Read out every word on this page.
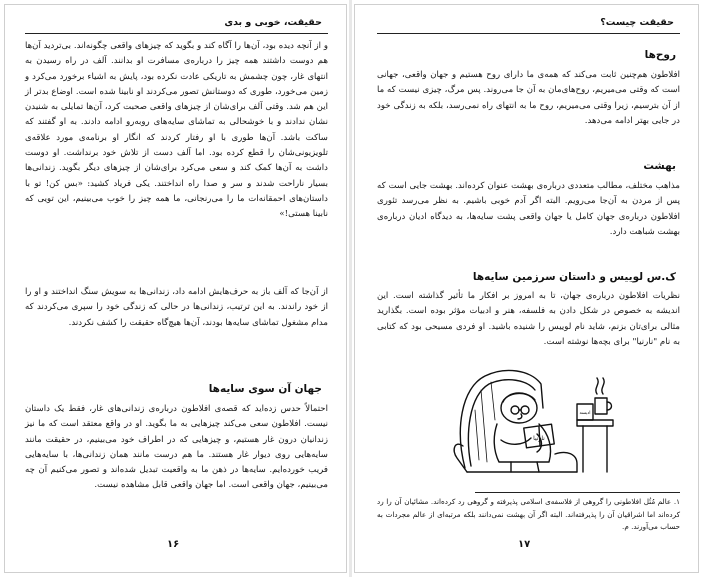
حقیقت، خوبی و بدی

و از آنچه دیده بود، آن‌ها را آگاه کند و بگوید که چیزهای واقعی چگونه‌اند. بی‌تردید آن‌ها هم دوست داشتند همه چیز را درباره‌ی مسافرت او بدانند. آلف در راه رسیدن به انتهای غار، چون چشمش به تاریکی عادت نکرده بود، پایش به اشیاء برخورد می‌کرد و زمین می‌خورد، طوری که دوستانش تصور می‌کردند او نابینا شده است. اوضاع بدتر از این هم شد. وقتی آلف برای‌شان از چیزهای واقعی صحبت کرد، آن‌ها تمایلی به شنیدن نشان ندادند و با خوشحالی به تماشای سایه‌های روبه‌رو ادامه دادند. به او گفتند که ساکت باشد. آن‌ها طوری با او رفتار کردند که انگار او برنامه‌ی مورد علاقه‌ی تلویزیونی‌شان را قطع کرده بود. اما آلف دست از تلاش خود برنداشت. او دوست داشت به آن‌ها کمک کند و سعی می‌کرد برای‌شان از چیزهای دیگر بگوید. زندانی‌ها بسیار ناراحت شدند و سر و صدا راه انداختند. یکی فریاد کشید: «بس کن! تو با داستان‌های احمقانه‌ات ما را می‌رنجانی، ما همه چیز را خوب می‌بینیم، این تویی که نابینا هستی!»

از آن‌جا که آلف باز به حرف‌هایش ادامه داد، زندانی‌ها به سویش سنگ انداختند و او را از خود راندند. به این ترتیب، زندانی‌ها در حالی که زندگی خود را سپری می‌کردند که مدام مشغول تماشای سایه‌ها بودند، آن‌ها هیچ‌گاه حقیقت را کشف نکردند.

جهان آن سوی سایه‌ها

احتمالاً حدس زده‌اید که قصه‌ی افلاطون درباره‌ی زندانی‌های غار، فقط یک داستان نیست. افلاطون سعی می‌کند چیزهایی به ما بگوید. او در واقع معتقد است که ما نیز زندانیان درون غار هستیم، و چیزهایی که در اطراف خود می‌بینیم، در حقیقت مانند سایه‌هایی روی دیوار غار هستند. ما هم درست مانند همان زندانی‌ها، با سایه‌هایی فریب خورده‌ایم. سایه‌ها در ذهن ما به واقعیت تبدیل شده‌اند و تصور می‌کنیم آن چه می‌بینیم، جهان واقعی است. اما جهان واقعی قابل مشاهده نیست.

۱۶
حقیقت چیست؟
روح‌ها

افلاطون هم‌چنین ثابت می‌کند که همه‌ی ما دارای روح هستیم و جهان واقعی، جهانی است که وقتی می‌میریم، روح‌های‌مان به آن جا می‌روند. پس مرگ، چیزی نیست که ما از آن بترسیم، زیرا وقتی می‌میریم، روح ما به انتهای راه نمی‌رسد، بلکه به زندگی خود در جایی بهتر ادامه می‌دهد.

بهشت

مذاهب مختلف، مطالب متعددی درباره‌ی بهشت عنوان کرده‌اند. بهشت جایی است که پس از مردن به آن‌جا می‌رویم. البته اگر آدم خوبی باشیم. به نظر می‌رسد تئوری افلاطون درباره‌ی جهان کامل یا جهان واقعی پشت سایه‌ها، به دیدگاه ادیان درباره‌ی بهشت شباهت دارد.

ک.س لوییس و داستان سرزمین سایه‌ها

نظریات افلاطون درباره‌ی جهان، تا به امروز بر افکار ما تأثیر گذاشته است. این اندیشه به خصوص در شکل دادن به فلسفه، هنر و ادبیات مؤثر بوده است. بگذارید مثالی برای‌تان بزنم، شاید نام لوییس را شنیده باشید. او فردی مسیحی بود که کتابی به نام "نارنیا" برای بچه‌ها نوشته است.

نارنیا
ادیسه

۱. عالم مُثُل افلاطونی را گروهی از فلاسفه‌ی اسلامی پذیرفته و گروهی رد کرده‌اند. مشائیان آن را رد کرده‌اند اما اشراقیان آن را پذیرفته‌اند. البته اگر آن بهشت نمی‌دانند بلکه مرتبه‌ای از عالم مجردات به حساب می‌آورند. م.

۱۷
